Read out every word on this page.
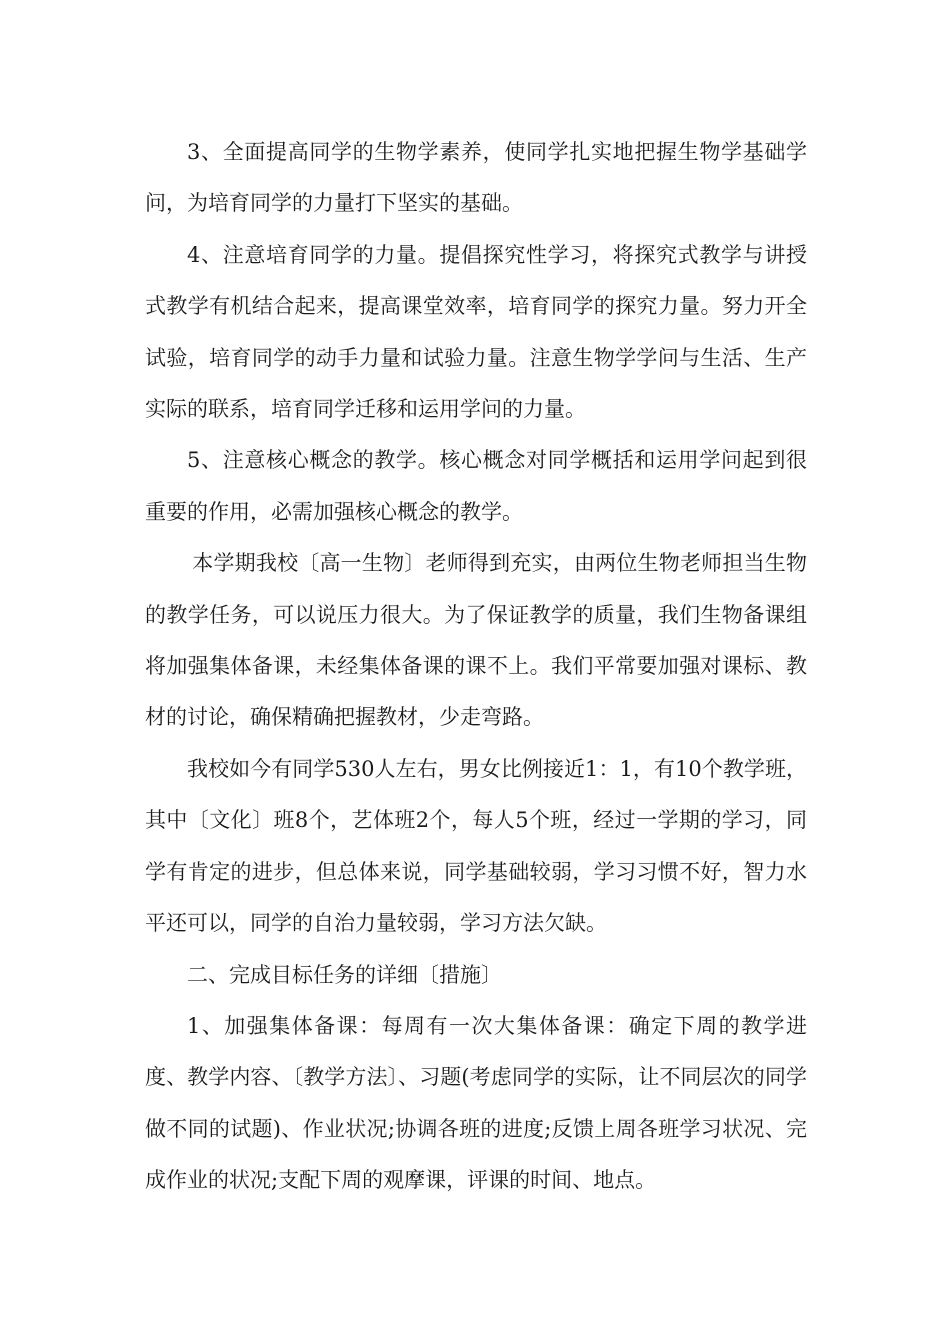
3、全面提高同学的生物学素养，使同学扎实地把握生物学基础学问，为培育同学的力量打下坚实的基础。

4、注意培育同学的力量。提倡探究性学习，将探究式教学与讲授式教学有机结合起来，提高课堂效率，培育同学的探究力量。努力开全试验，培育同学的动手力量和试验力量。注意生物学学问与生活、生产实际的联系，培育同学迁移和运用学问的力量。

5、注意核心概念的教学。核心概念对同学概括和运用学问起到很重要的作用，必需加强核心概念的教学。

本学期我校〔高一生物〕老师得到充实，由两位生物老师担当生物的教学任务，可以说压力很大。为了保证教学的质量，我们生物备课组将加强集体备课，未经集体备课的课不上。我们平常要加强对课标、教材的讨论，确保精确把握教材，少走弯路。

我校如今有同学530人左右，男女比例接近1：1，有10个教学班，其中〔文化〕班8个，艺体班2个，每人5个班，经过一学期的学习，同学有肯定的进步，但总体来说，同学基础较弱，学习习惯不好，智力水平还可以，同学的自治力量较弱，学习方法欠缺。

二、完成目标任务的详细〔措施〕

1、加强集体备课：每周有一次大集体备课：确定下周的教学进度、教学内容、〔教学方法〕、习题(考虑同学的实际，让不同层次的同学做不同的试题)、作业状况;协调各班的进度;反馈上周各班学习状况、完成作业的状况;支配下周的观摩课，评课的时间、地点。
